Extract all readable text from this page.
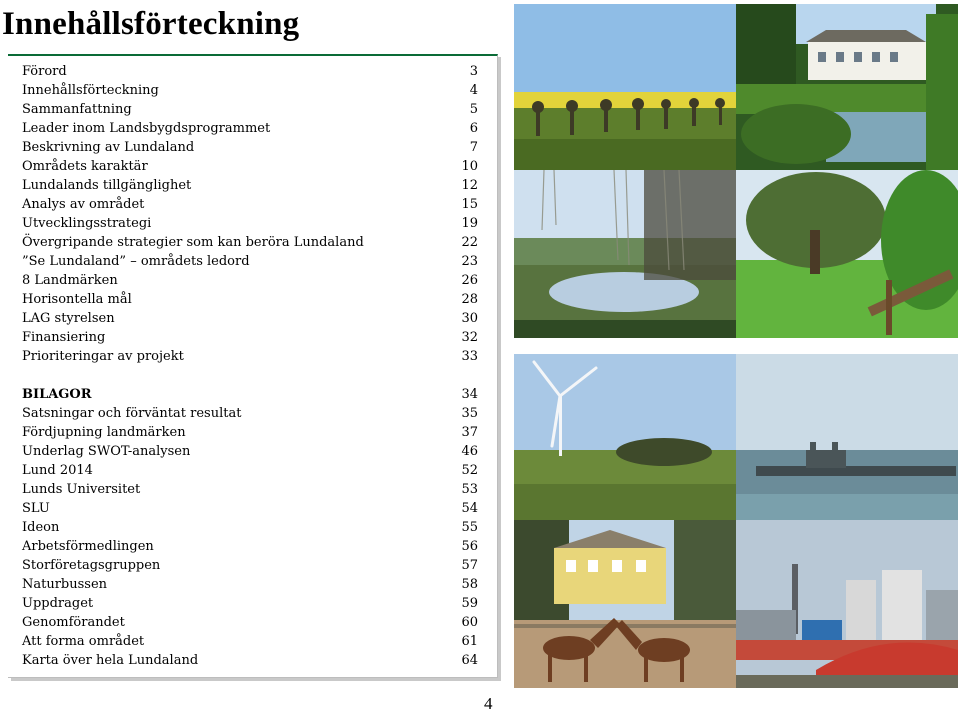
Innehållsförteckning
Förord	3
Innehållsförteckning	4
Sammanfattning	5
Leader inom Landsbygdsprogrammet	6
Beskrivning av Lundaland	7
Områdets karaktär	10
Lundalands tillgänglighet	12
Analys av området	15
Utvecklingsstrategi	19
Övergripande strategier som kan beröra Lundaland	22
”Se Lundaland” – områdets ledord	23
8 Landmärken	26
Horisontella mål	28
LAG styrelsen	30
Finansiering	32
Prioriteringar av projekt	33
BILAGOR	34
Satsningar och förväntat resultat	35
Fördjupning landmärken	37
Underlag SWOT-analysen	46
Lund 2014	52
Lunds Universitet	53
SLU	54
Ideon	55
Arbetsförmedlingen	56
Storföretagsgruppen	57
Naturbussen	58
Uppdraget	59
Genomförandet	60
Att forma området	61
Karta över hela Lundaland	64
4
